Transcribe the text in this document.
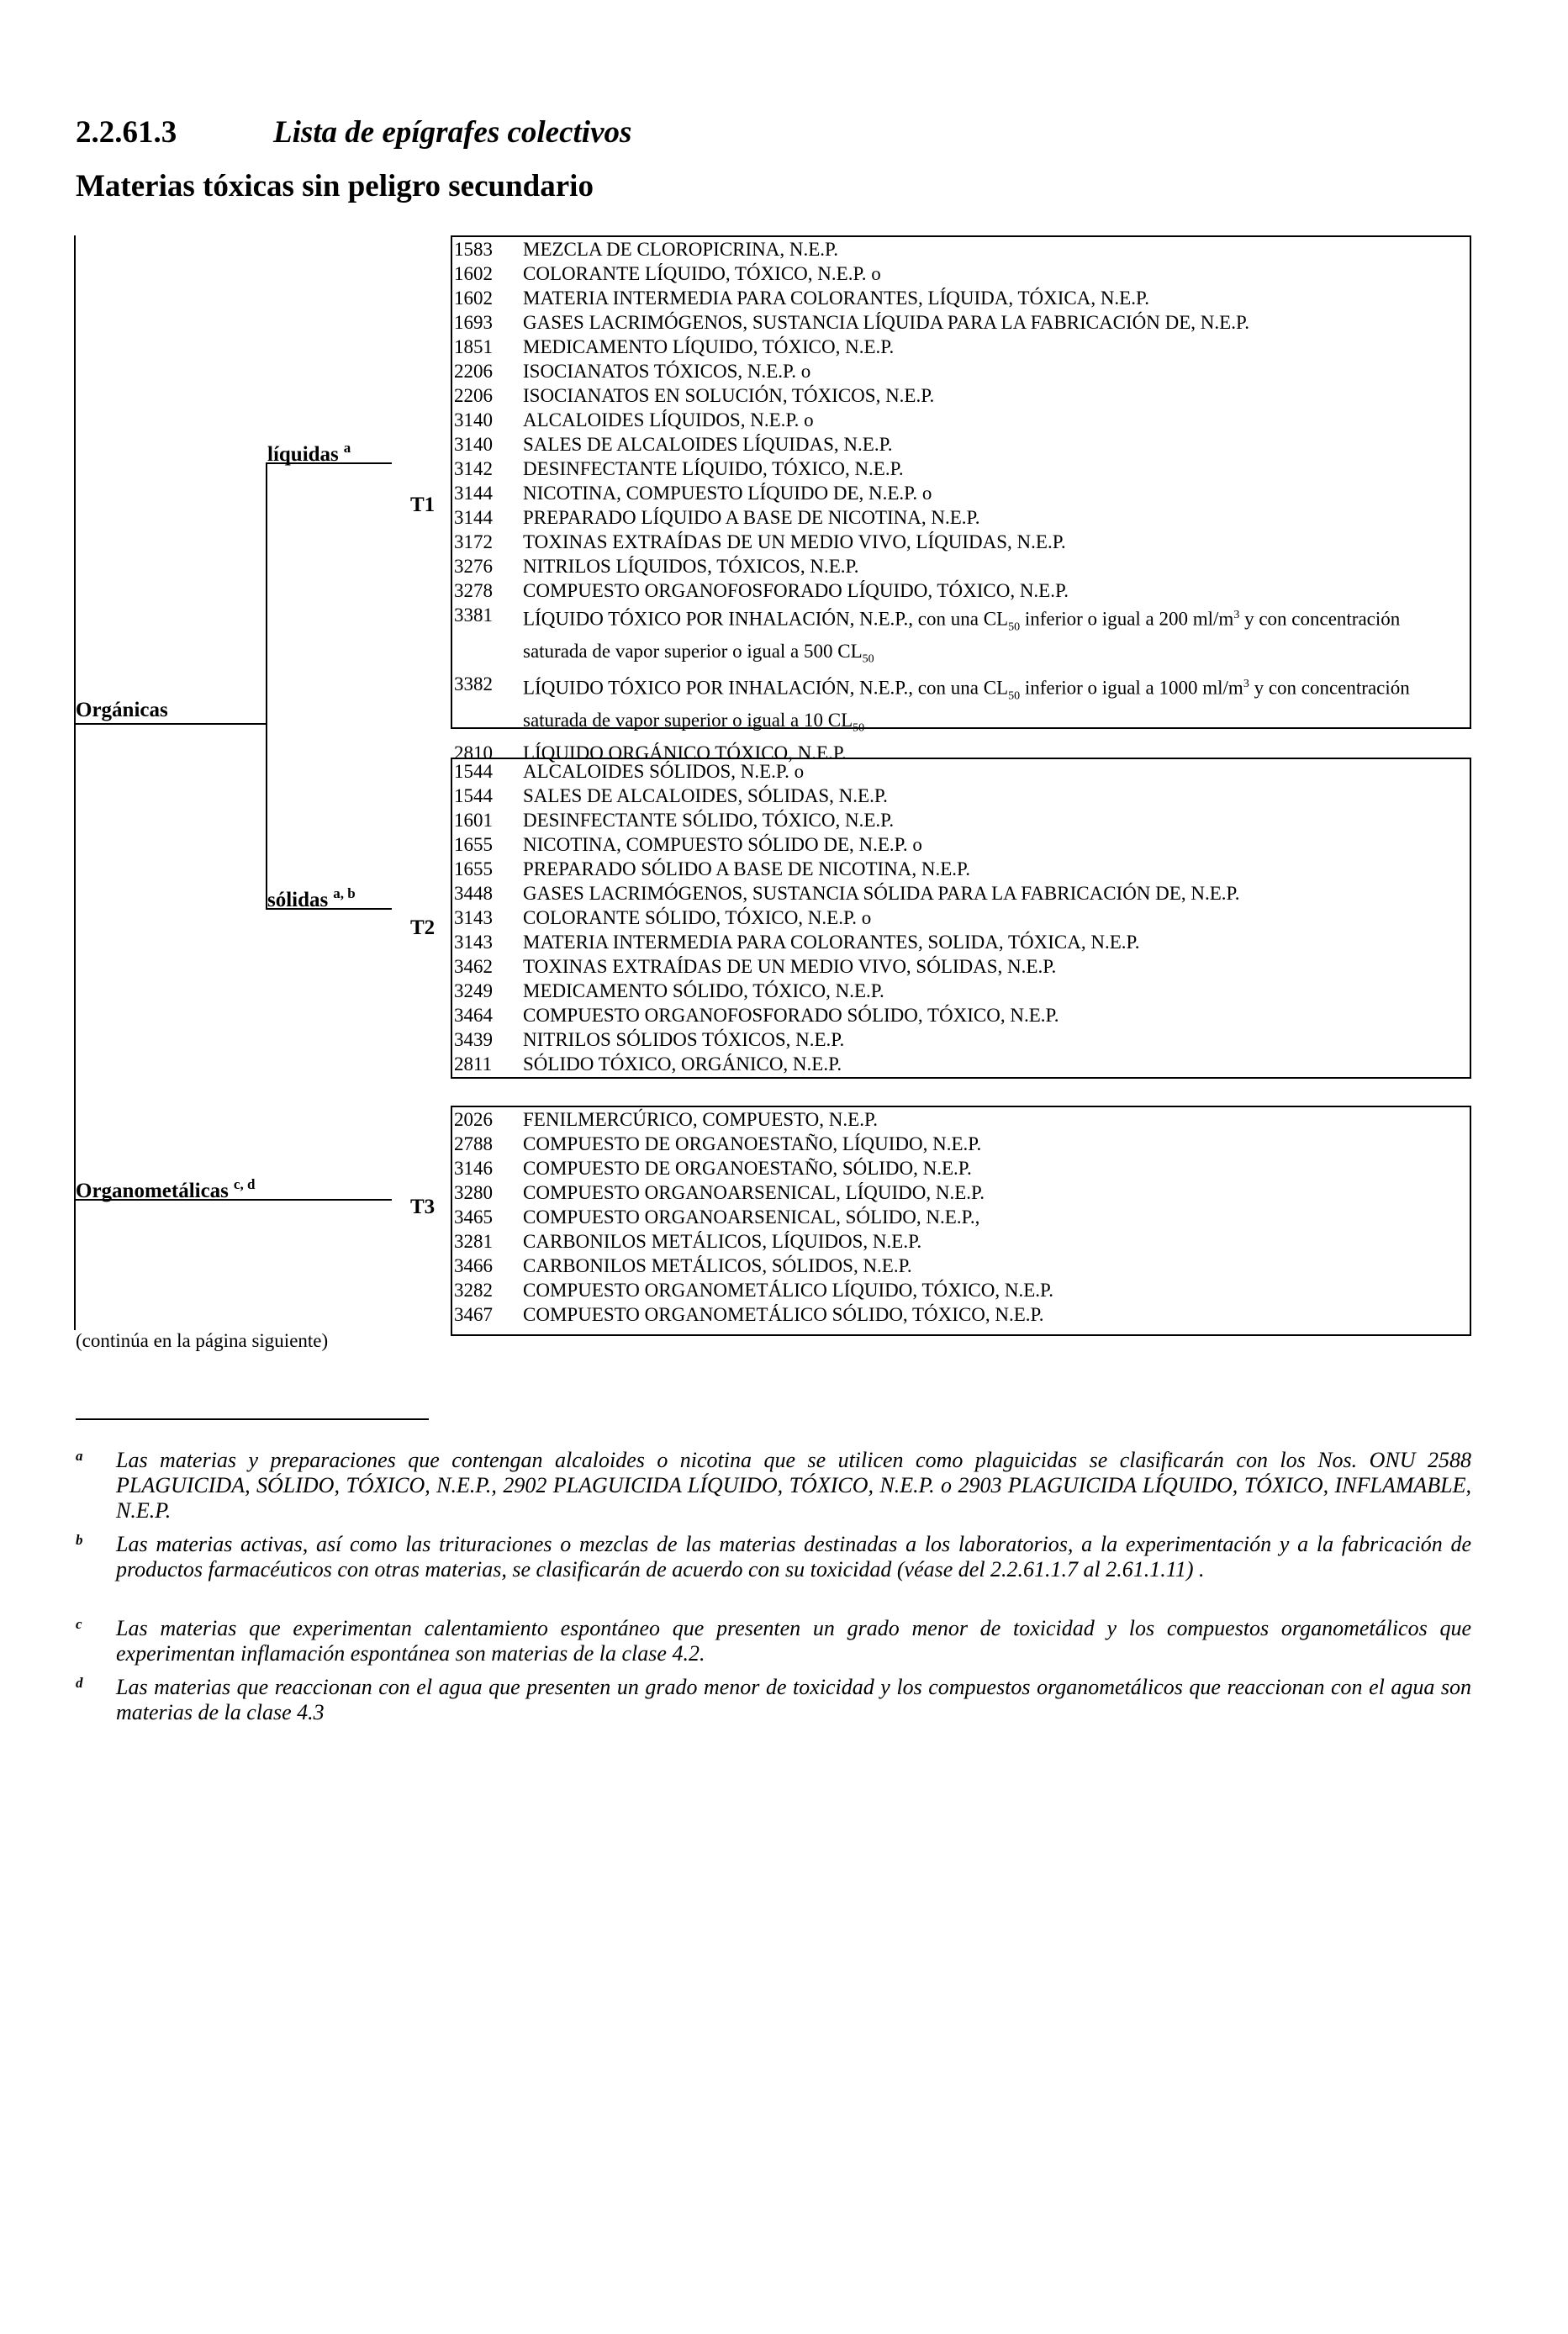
2.2.61.3	Lista de epígrafes colectivos
Materias tóxicas sin peligro secundario
Orgánicas
líquidas $^a$
sólidas $^{a, b}$
Organometálicas $^{c, d}$
T1
T2
T3
1583	MEZCLA DE CLOROPICRINA, N.E.P.
1602	COLORANTE LÍQUIDO, TÓXICO, N.E.P. o
1602	MATERIA INTERMEDIA PARA COLORANTES, LÍQUIDA, TÓXICA, N.E.P.
1693	GASES LACRIMÓGENOS, SUSTANCIA LÍQUIDA PARA LA FABRICACIÓN DE, N.E.P.
1851	MEDICAMENTO LÍQUIDO, TÓXICO, N.E.P.
2206	ISOCIANATOS TÓXICOS, N.E.P. o
2206	ISOCIANATOS EN SOLUCIÓN, TÓXICOS, N.E.P.
3140	ALCALOIDES LÍQUIDOS, N.E.P. o
3140	SALES DE ALCALOIDES LÍQUIDAS, N.E.P.
3142	DESINFECTANTE LÍQUIDO, TÓXICO, N.E.P.
3144	NICOTINA, COMPUESTO LÍQUIDO DE, N.E.P. o
3144	PREPARADO LÍQUIDO A BASE DE NICOTINA, N.E.P.
3172	TOXINAS EXTRAÍDAS DE UN MEDIO VIVO, LÍQUIDAS, N.E.P.
3276	NITRILOS LÍQUIDOS, TÓXICOS, N.E.P.
3278	COMPUESTO ORGANOFOSFORADO LÍQUIDO, TÓXICO, N.E.P.
3381	LÍQUIDO TÓXICO POR INHALACIÓN, N.E.P., con una $CL_{50}$ inferior o igual a 200 $ml/m^3$ y con concentración saturada de vapor superior o igual a 500 $CL_{50}$
3382	LÍQUIDO TÓXICO POR INHALACIÓN, N.E.P., con una $CL_{50}$ inferior o igual a 1000 $ml/m^3$ y con concentración saturada de vapor superior o igual a 10 $CL_{50}$
2810	LÍQUIDO ORGÁNICO TÓXICO, N.E.P.
1544	ALCALOIDES SÓLIDOS, N.E.P. o
1544	SALES DE ALCALOIDES, SÓLIDAS, N.E.P.
1601	DESINFECTANTE SÓLIDO, TÓXICO, N.E.P.
1655	NICOTINA, COMPUESTO SÓLIDO DE, N.E.P. o
1655	PREPARADO SÓLIDO A BASE DE NICOTINA, N.E.P.
3448	GASES LACRIMÓGENOS, SUSTANCIA SÓLIDA PARA LA FABRICACIÓN DE, N.E.P.
3143	COLORANTE SÓLIDO, TÓXICO, N.E.P. o
3143	MATERIA INTERMEDIA PARA COLORANTES, SOLIDA, TÓXICA, N.E.P.
3462	TOXINAS EXTRAÍDAS DE UN MEDIO VIVO, SÓLIDAS, N.E.P.
3249	MEDICAMENTO SÓLIDO, TÓXICO, N.E.P.
3464	COMPUESTO ORGANOFOSFORADO SÓLIDO, TÓXICO, N.E.P.
3439	NITRILOS SÓLIDOS TÓXICOS, N.E.P.
2811	SÓLIDO TÓXICO, ORGÁNICO, N.E.P.
2026	FENILMERCÚRICO, COMPUESTO, N.E.P.
2788	COMPUESTO DE ORGANOESTAÑO, LÍQUIDO, N.E.P.
3146	COMPUESTO DE ORGANOESTAÑO, SÓLIDO, N.E.P.
3280	COMPUESTO ORGANOARSENICAL, LÍQUIDO, N.E.P.
3465	COMPUESTO ORGANOARSENICAL, SÓLIDO, N.E.P.,
3281	CARBONILOS METÁLICOS, LÍQUIDOS, N.E.P.
3466	CARBONILOS METÁLICOS, SÓLIDOS, N.E.P.
3282	COMPUESTO ORGANOMETÁLICO LÍQUIDO, TÓXICO, N.E.P.
3467	COMPUESTO ORGANOMETÁLICO SÓLIDO, TÓXICO, N.E.P.
(continúa en la página siguiente)
a	Las materias y preparaciones que contengan alcaloides o nicotina que se utilicen como plaguicidas se clasificarán con los Nos. ONU 2588 PLAGUICIDA, SÓLIDO, TÓXICO, N.E.P., 2902 PLAGUICIDA LÍQUIDO, TÓXICO, N.E.P. o 2903 PLAGUICIDA LÍQUIDO, TÓXICO, INFLAMABLE, N.E.P.
b	Las materias activas, así como las trituraciones o mezclas de las materias destinadas a los laboratorios, a la experimentación y a la fabricación de productos farmacéuticos con otras materias, se clasificarán de acuerdo con su toxicidad (véase del 2.2.61.1.7 al 2.61.1.11) .
c	Las materias que experimentan calentamiento espontáneo que presenten un grado menor de toxicidad y los compuestos organometálicos que experimentan inflamación espontánea son materias de la clase 4.2.
d	Las materias que reaccionan con el agua que presenten un grado menor de toxicidad y los compuestos organometálicos que reaccionan con el agua son materias de la clase 4.3
